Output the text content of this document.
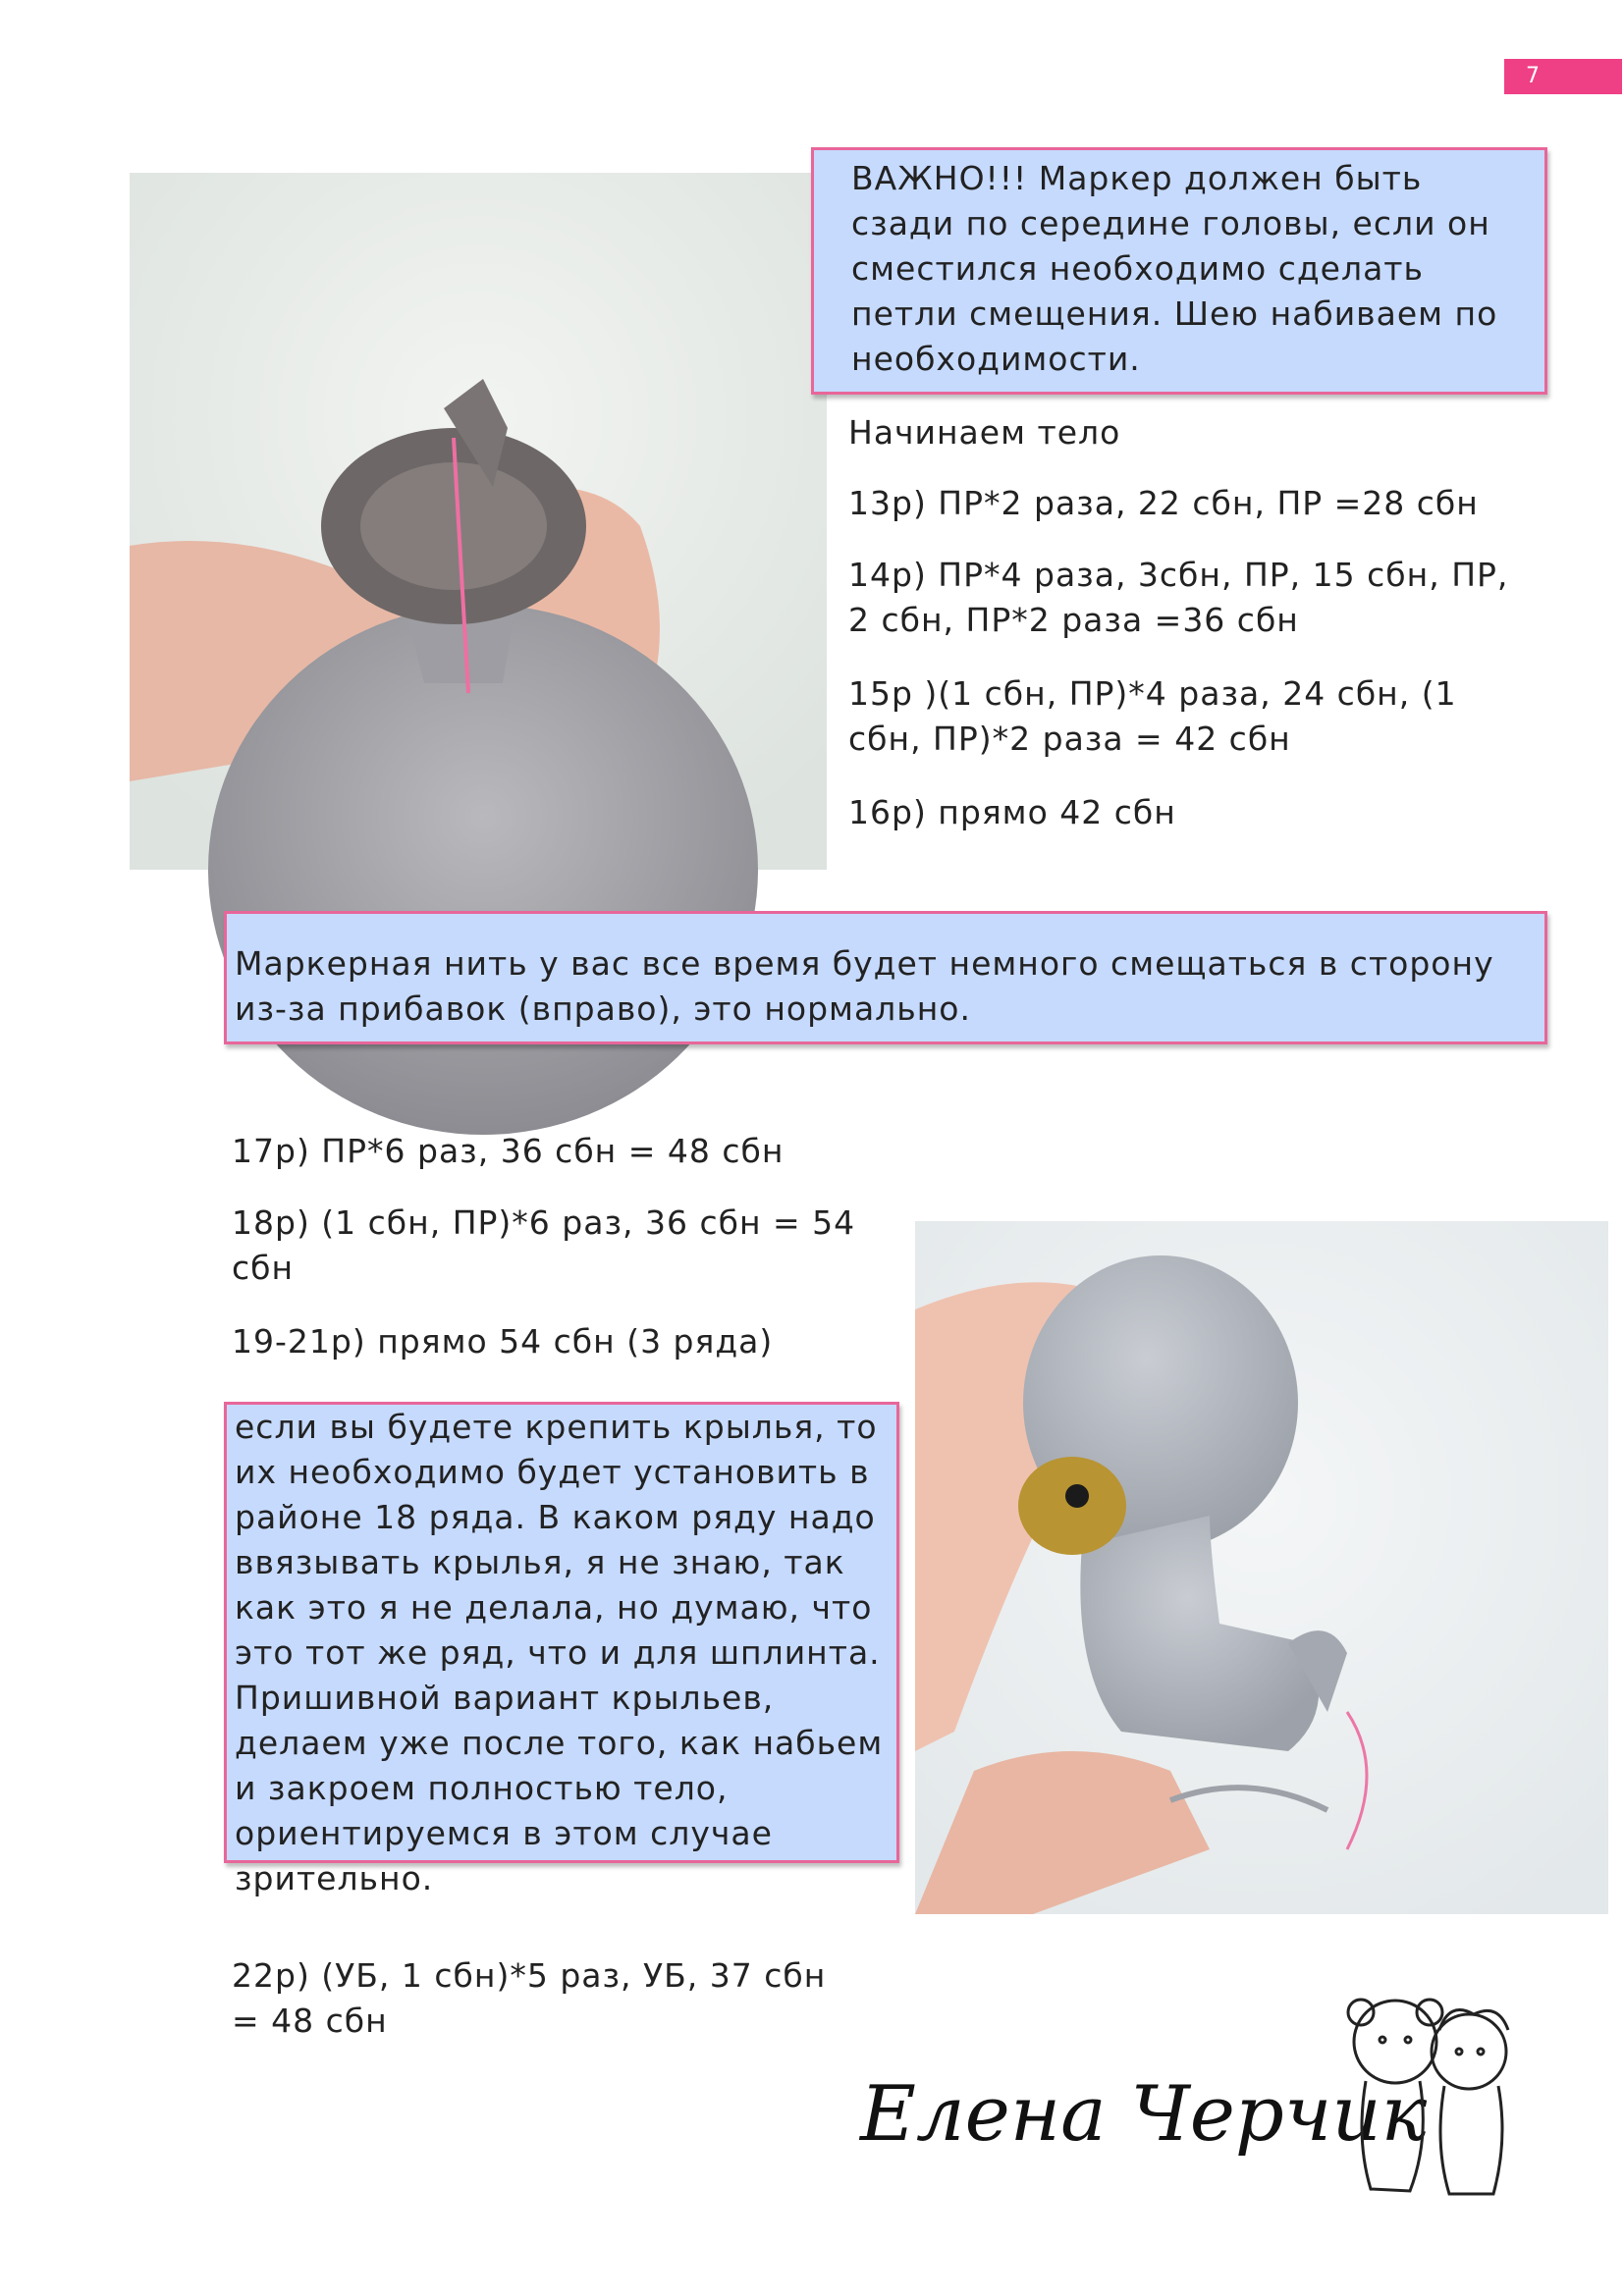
7
ВАЖНО!!! Маркер должен быть сзади по середине головы, если он сместился необходимо сделать петли смещения. Шею набиваем по необходимости.
Начинаем тело
13р) ПР*2 раза, 22 сбн, ПР =28 сбн
14р) ПР*4 раза, 3сбн, ПР, 15 сбн, ПР, 2 сбн, ПР*2 раза =36 сбн
15р )(1 сбн, ПР)*4 раза, 24 сбн, (1 сбн, ПР)*2 раза = 42 сбн
16р) прямо 42 сбн
Маркерная нить у вас все время будет немного смещаться в сторону из-за прибавок (вправо), это нормально.
17р) ПР*6 раз, 36 сбн = 48 сбн
18р) (1 сбн, ПР)*6 раз, 36 сбн = 54 сбн
19-21р) прямо 54 сбн (3 ряда)
если вы будете крепить крылья, то их необходимо будет установить в районе 18 ряда. В каком ряду надо ввязывать крылья, я не знаю, так как это я не делала, но думаю, что это тот же ряд, что и для шплинта. Пришивной вариант крыльев, делаем уже после того, как набьем и закроем полностью тело, ориентируемся в этом случае зрительно.
22р) (УБ, 1 сбн)*5 раз, УБ, 37 сбн = 48 сбн
Елена Черчик
